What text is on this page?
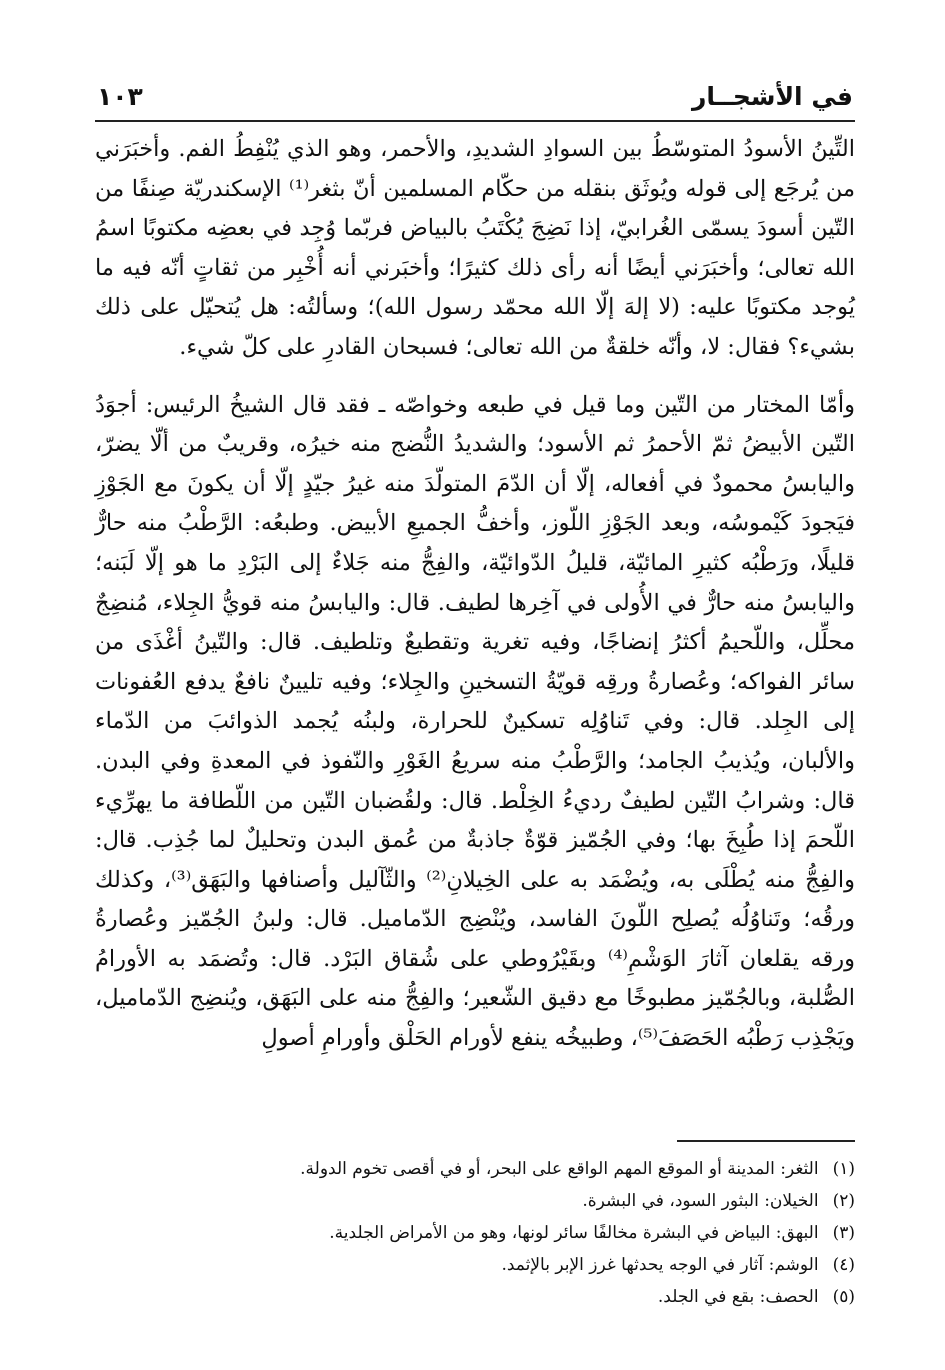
في الأشجــار
١٠٣

التِّينُ الأسودُ المتوسّطُ بين السوادِ الشديدِ، والأحمر، وهو الذي يُنْفِطُ الفم. وأخبَرَني من يُرجَع إلى قوله ويُوثَق بنقله من حكّام المسلمين أنّ بثغر⁽¹⁾ الإسكندريّة صِنفًا من التّين أسودَ يسمّى الغُرابيّ، إذا نَضِجَ يُكْتَبُ بالبياض فربّما وُجِد في بعضِه مكتوبًا اسمُ الله تعالى؛ وأخبَرَني أيضًا أنه رأى ذلك كثيرًا؛ وأخبَرني أنه أُخْبِر من ثقاتٍ أنّه فيه ما يُوجد مكتوبًا عليه: (لا إلهَ إلّا الله محمّد رسول الله)؛ وسألتُه: هل يُتحيّل على ذلك بشيء؟ فقال: لا، وأنّه خلقةٌ من الله تعالى؛ فسبحان القادرِ على كلّ شيء.

وأمّا المختار من التّين وما قيل في طبعه وخواصّه ـ فقد قال الشيخُ الرئيس: أجوَدُ التّين الأبيضُ ثمّ الأحمرُ ثم الأسود؛ والشديدُ النُّضج منه خيرُه، وقريبٌ من ألّا يضرّ، واليابسُ محمودٌ في أفعاله، إلّا أن الدّمَ المتولّدَ منه غيرُ جيّدٍ إلّا أن يكونَ مع الجَوْزِ فيَجودَ كَيْموسُه، وبعد الجَوْزِ اللّوز، وأخفُّ الجميعِ الأبيض. وطبعُه: الرَّطْبُ منه حارٌّ قليلًا، ورَطْبُه كثيرِ المائيّة، قليلُ الدّوائيّة، والفِجُّ منه جَلاءٌ إلى البَرْدِ ما هو إلّا لَبَنه؛ واليابسُ منه حارٌّ في الأُولى في آخِرها لطيف. قال: واليابسُ منه قويُّ الجِلاء، مُنضِجٌ محلِّل، واللّحيمُ أكثرُ إنضاجًا، وفيه تغرية وتقطيعٌ وتلطيف. قال: والتّينُ أغْذَى من سائر الفواكه؛ وعُصارةُ ورقِه قويّةُ التسخينِ والجِلاء؛ وفيه تليينٌ نافعٌ يدفع العُفونات إلى الجِلد. قال: وفي تَناوُلِه تسكينٌ للحرارة، ولبنُه يُجمد الذوائبَ من الدّماء والألبان، ويُذيبُ الجامد؛ والرَّطْبُ منه سريعُ الغَوْرِ والنّفوذ في المعدةِ وفي البدن. قال: وشرابُ التّين لطيفٌ رديءُ الخِلْط. قال: ولقُضبان التّين من اللّطافة ما يهرِّيء اللّحمَ إذا طُبِخَ بها؛ وفي الجُمّيز قوّةٌ جاذبةٌ من عُمق البدن وتحليلٌ لما جُذِب. قال: والفِجُّ منه يُطْلَى به، ويُضْمَد به على الخِيلانِ⁽²⁾ والثّآليل وأصنافها والبَهَق⁽³⁾، وكذلك ورقُه؛ وتَناوُلُه يُصلِح اللّونَ الفاسد، ويُنْضِج الدّماميل. قال: ولبنُ الجُمّيز وعُصارةُ ورقه يقلعان آثارَ الوَشْمِ⁽⁴⁾ وبقَيْرُوطي على شُقاق البَرْد. قال: وتُضمَد به الأورامُ الصُّلبة، وبالجُمّيز مطبوخًا مع دقيق الشّعير؛ والفِجُّ منه على البَهَق، ويُنضِج الدّماميل، ويَجْذِب رَطْبُه الحَصَفَ⁽⁵⁾، وطبيخُه ينفع لأورام الحَلْق وأورامِ أصولِ

(١)الثغر: المدينة أو الموقع المهم الواقع على البحر، أو في أقصى تخوم الدولة.
(٢)الخيلان: البثور السود، في البشرة.
(٣)البهق: البياض في البشرة مخالفًا سائر لونها، وهو من الأمراض الجلدية.
(٤)الوشم: آثار في الوجه يحدثها غرز الإبر بالإثمد.
(٥)الحصف: بقع في الجلد.
